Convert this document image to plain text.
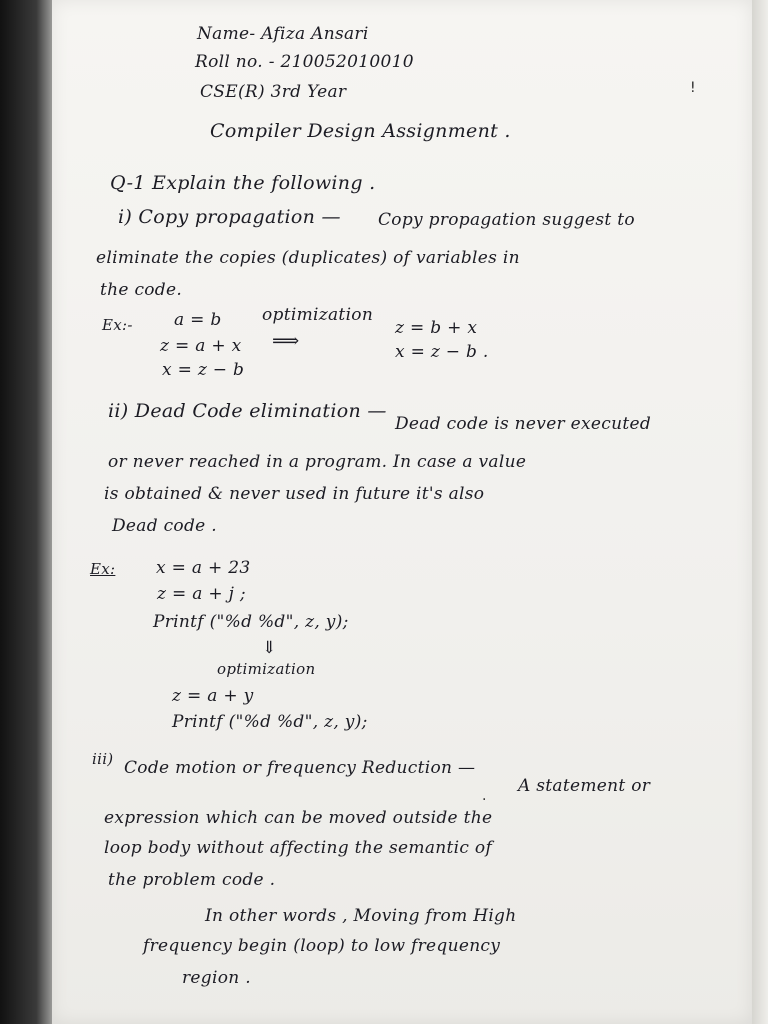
Name- Afiza Ansari
Roll no. - 210052010010
CSE(R) 3rd Year
Compiler Design Assignment .
Q-1 Explain the following .
i) Copy propagation — Copy propagation suggest to
eliminate the copies (duplicates) of variables in
the code.
Ex:- a = b
z = a + x
x = z − b
optimization
⟹
z = b + x
x = z − b .
ii) Dead Code elimination —
Dead code is never executed
or never reached in a program. In case a value
is obtained & never used in future it's also
Dead code .
Ex: x = a + 23
z = a + j ;
Printf ("%d %d", z, y);
⇓
optimization
z = a + y
Printf ("%d %d", z, y);
iii) Code motion or frequency Reduction —
A statement or
expression which can be moved outside the
loop body without affecting the semantic of
the problem code .
In other words , Moving from High
frequency begin (loop) to low frequency
region .
!
.
